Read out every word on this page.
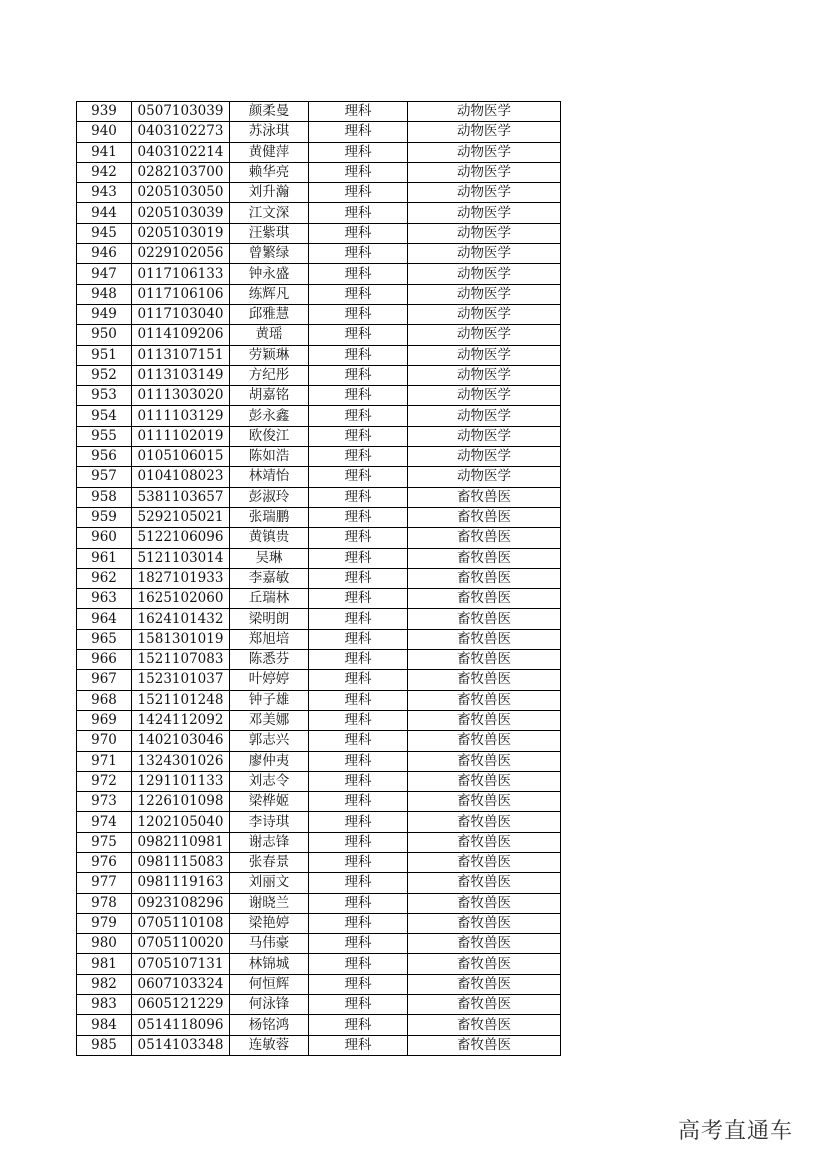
939	0507103039	颜柔曼	理科	动物医学
940	0403102273	苏泳琪	理科	动物医学
941	0403102214	黄健萍	理科	动物医学
942	0282103700	赖华亮	理科	动物医学
943	0205103050	刘升瀚	理科	动物医学
944	0205103039	江文深	理科	动物医学
945	0205103019	汪紫琪	理科	动物医学
946	0229102056	曾繁绿	理科	动物医学
947	0117106133	钟永盛	理科	动物医学
948	0117106106	练辉凡	理科	动物医学
949	0117103040	邱雅慧	理科	动物医学
950	0114109206	黄瑶	理科	动物医学
951	0113107151	劳颖琳	理科	动物医学
952	0113103149	方纪彤	理科	动物医学
953	0111303020	胡嘉铭	理科	动物医学
954	0111103129	彭永鑫	理科	动物医学
955	0111102019	欧俊江	理科	动物医学
956	0105106015	陈如浩	理科	动物医学
957	0104108023	林靖怡	理科	动物医学
958	5381103657	彭淑玲	理科	畜牧兽医
959	5292105021	张瑞鹏	理科	畜牧兽医
960	5122106096	黄镇贵	理科	畜牧兽医
961	5121103014	吴琳	理科	畜牧兽医
962	1827101933	李嘉敏	理科	畜牧兽医
963	1625102060	丘瑞林	理科	畜牧兽医
964	1624101432	梁明朗	理科	畜牧兽医
965	1581301019	郑旭培	理科	畜牧兽医
966	1521107083	陈悉芬	理科	畜牧兽医
967	1523101037	叶婷婷	理科	畜牧兽医
968	1521101248	钟子雄	理科	畜牧兽医
969	1424112092	邓美娜	理科	畜牧兽医
970	1402103046	郭志兴	理科	畜牧兽医
971	1324301026	廖仲夷	理科	畜牧兽医
972	1291101133	刘志令	理科	畜牧兽医
973	1226101098	梁桦姬	理科	畜牧兽医
974	1202105040	李诗琪	理科	畜牧兽医
975	0982110981	谢志锋	理科	畜牧兽医
976	0981115083	张春景	理科	畜牧兽医
977	0981119163	刘丽文	理科	畜牧兽医
978	0923108296	谢晓兰	理科	畜牧兽医
979	0705110108	梁艳婷	理科	畜牧兽医
980	0705110020	马伟豪	理科	畜牧兽医
981	0705107131	林锦城	理科	畜牧兽医
982	0607103324	何恒辉	理科	畜牧兽医
983	0605121229	何泳锋	理科	畜牧兽医
984	0514118096	杨铭鸿	理科	畜牧兽医
985	0514103348	连敏蓉	理科	畜牧兽医
高考直通车
